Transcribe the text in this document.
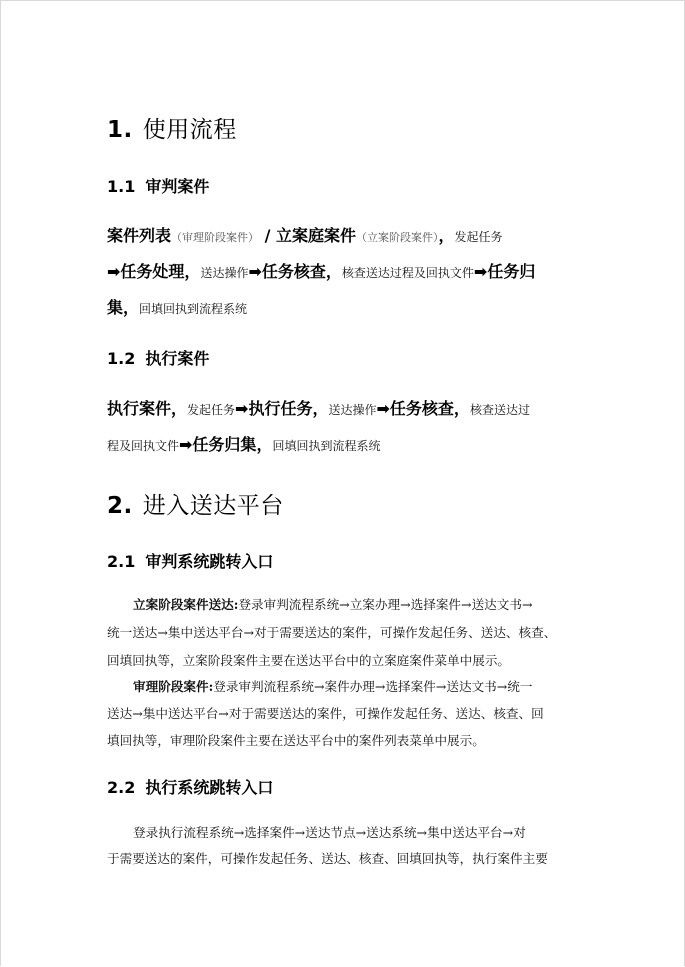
1. 使用流程
1.1 审判案件
案件列表（审理阶段案件） / 立案庭案件（立案阶段案件），发起任务
➡任务处理，送达操作➡任务核查，核查送达过程及回执文件➡任务归
集，回填回执到流程系统
1.2 执行案件
执行案件，发起任务➡执行任务，送达操作➡任务核查，核查送达过
程及回执文件➡任务归集，回填回执到流程系统
2. 进入送达平台
2.1 审判系统跳转入口
立案阶段案件送达:登录审判流程系统→立案办理→选择案件→送达文书→
统一送达→集中送达平台→对于需要送达的案件，可操作发起任务、送达、核查、
回填回执等，立案阶段案件主要在送达平台中的立案庭案件菜单中展示。
审理阶段案件:登录审判流程系统→案件办理→选择案件→送达文书→统一
送达→集中送达平台→对于需要送达的案件，可操作发起任务、送达、核查、回
填回执等，审理阶段案件主要在送达平台中的案件列表菜单中展示。
2.2 执行系统跳转入口
登录执行流程系统→选择案件→送达节点→送达系统→集中送达平台→对
于需要送达的案件，可操作发起任务、送达、核查、回填回执等，执行案件主要
